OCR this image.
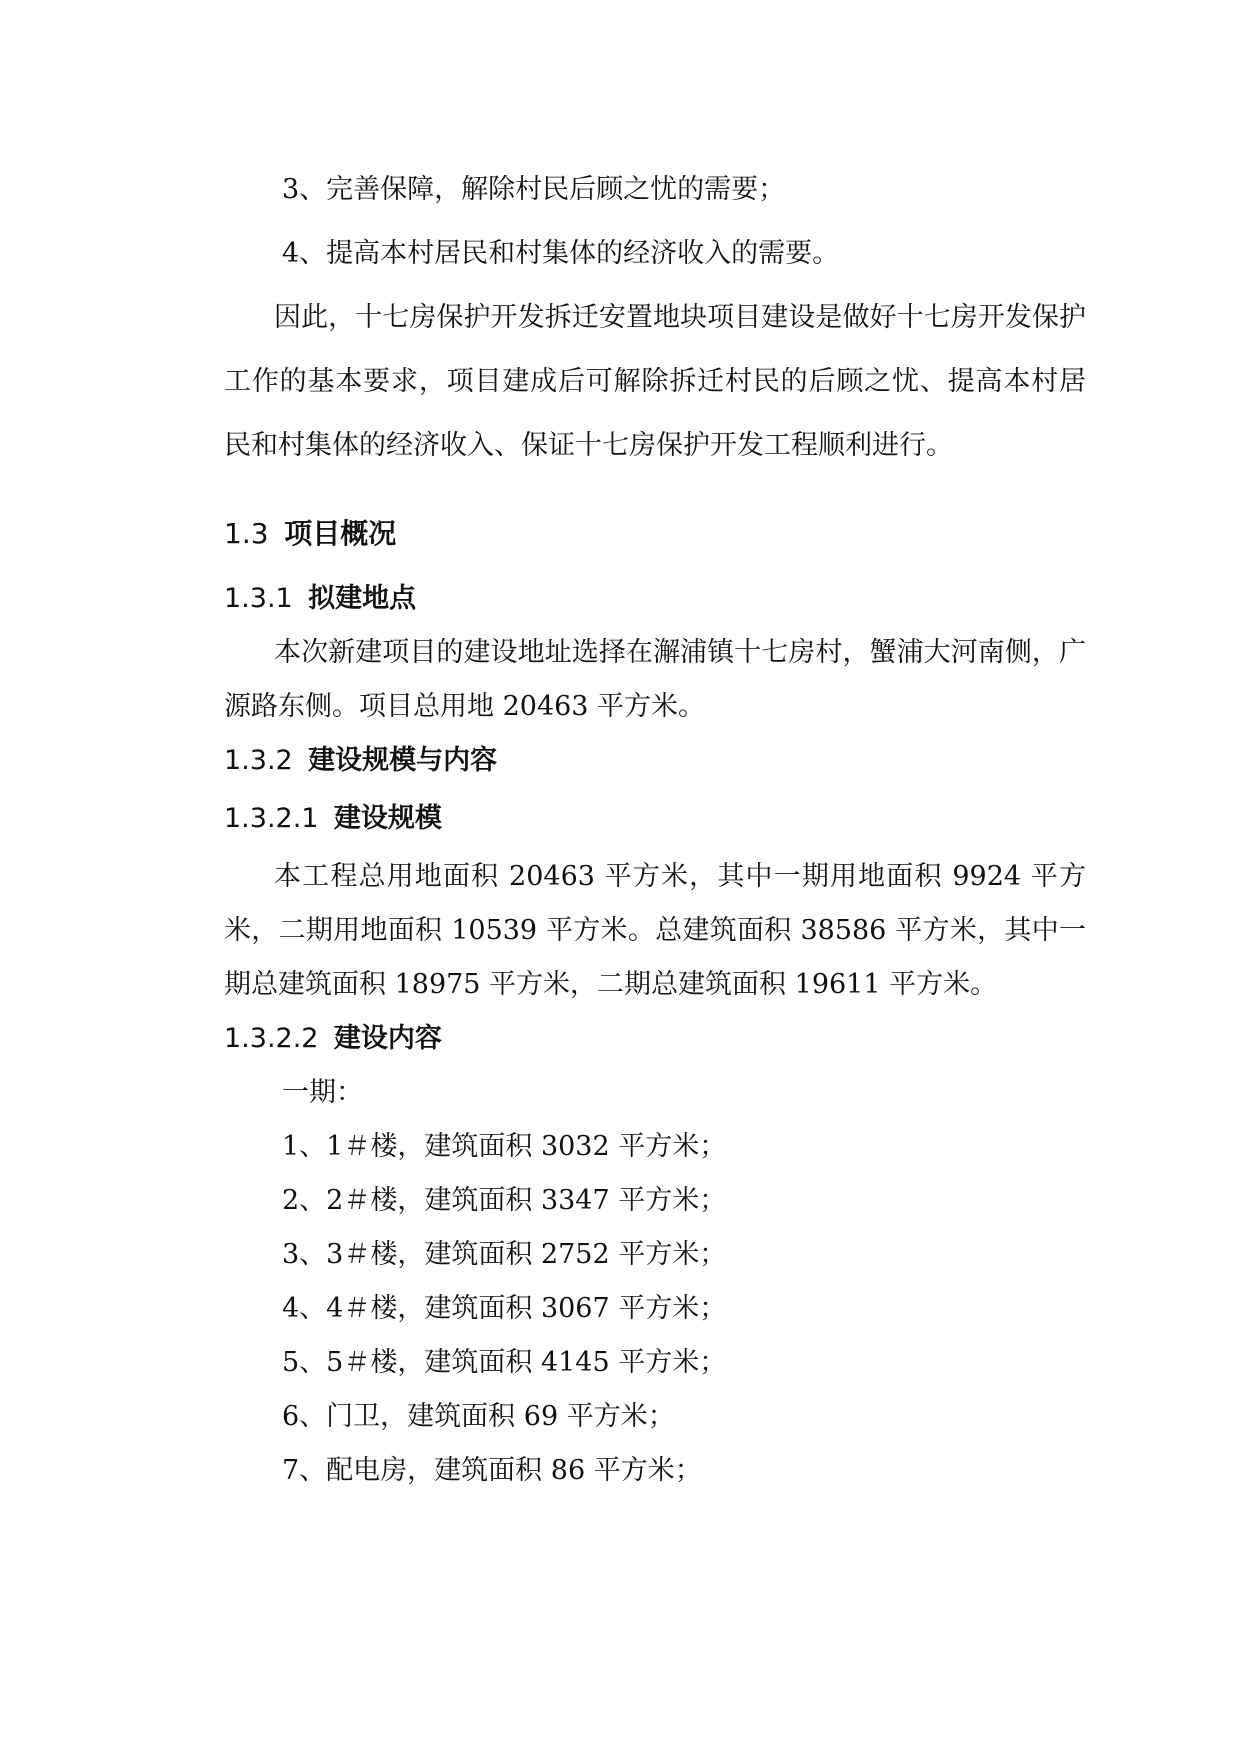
3、完善保障，解除村民后顾之忧的需要；

4、提高本村居民和村集体的经济收入的需要。

因此，十七房保护开发拆迁安置地块项目建设是做好十七房开发保护工作的基本要求，项目建成后可解除拆迁村民的后顾之忧、提高本村居民和村集体的经济收入、保证十七房保护开发工程顺利进行。

1.3 项目概况
1.3.1 拟建地点

本次新建项目的建设地址选择在澥浦镇十七房村，蟹浦大河南侧，广源路东侧。项目总用地 20463 平方米。

1.3.2 建设规模与内容
1.3.2.1 建设规模

本工程总用地面积 20463 平方米，其中一期用地面积 9924 平方米，二期用地面积 10539 平方米。总建筑面积 38586 平方米，其中一期总建筑面积 18975 平方米，二期总建筑面积 19611 平方米。

1.3.2.2 建设内容

一期：

1、1＃楼，建筑面积 3032 平方米；

2、2＃楼，建筑面积 3347 平方米；

3、3＃楼，建筑面积 2752 平方米；

4、4＃楼，建筑面积 3067 平方米；

5、5＃楼，建筑面积 4145 平方米；

6、门卫，建筑面积 69 平方米；

7、配电房，建筑面积 86 平方米；
